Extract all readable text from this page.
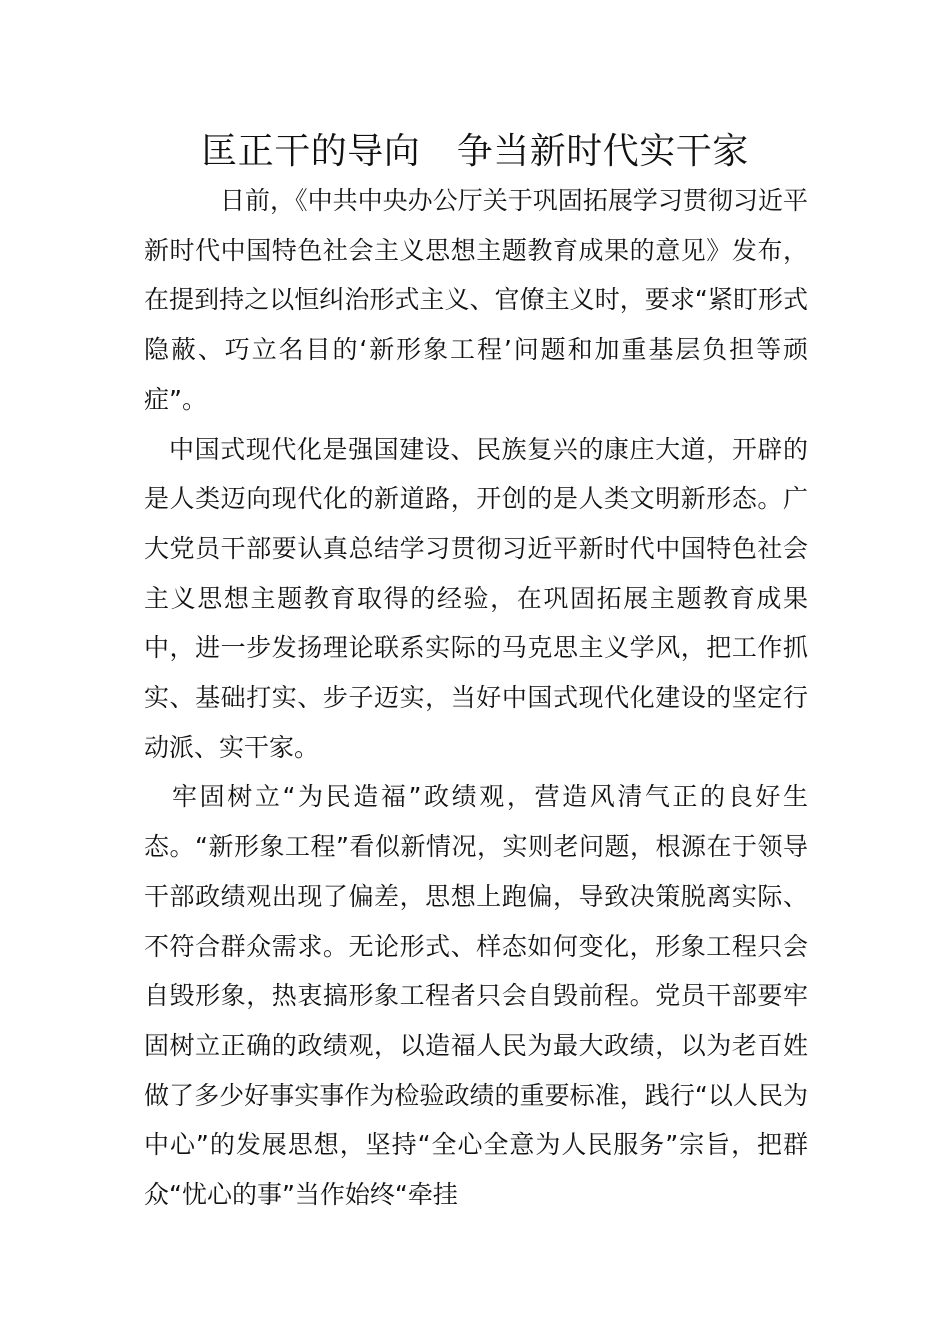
匡正干的导向　争当新时代实干家

日前，《中共中央办公厅关于巩固拓展学习贯彻习近平新时代中国特色社会主义思想主题教育成果的意见》发布，在提到持之以恒纠治形式主义、官僚主义时，要求“紧盯形式隐蔽、巧立名目的‘新形象工程’问题和加重基层负担等顽症”。

中国式现代化是强国建设、民族复兴的康庄大道，开辟的是人类迈向现代化的新道路，开创的是人类文明新形态。广大党员干部要认真总结学习贯彻习近平新时代中国特色社会主义思想主题教育取得的经验，在巩固拓展主题教育成果中，进一步发扬理论联系实际的马克思主义学风，把工作抓实、基础打实、步子迈实，当好中国式现代化建设的坚定行动派、实干家。

牢固树立“为民造福”政绩观，营造风清气正的良好生态。“新形象工程”看似新情况，实则老问题，根源在于领导干部政绩观出现了偏差，思想上跑偏，导致决策脱离实际、不符合群众需求。无论形式、样态如何变化，形象工程只会自毁形象，热衷搞形象工程者只会自毁前程。党员干部要牢固树立正确的政绩观，以造福人民为最大政绩，以为老百姓做了多少好事实事作为检验政绩的重要标准，践行“以人民为中心”的发展思想，坚持“全心全意为人民服务”宗旨，把群众“忧心的事”当作始终“牵挂
